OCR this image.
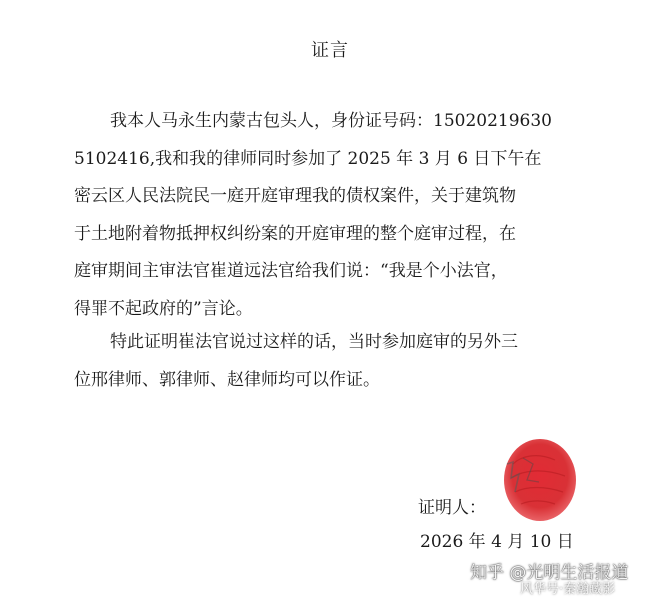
证言

我本人马永生内蒙古包头人，身份证号码：15020219630
5102416,我和我的律师同时参加了 2025 年 3 月 6 日下午在
密云区人民法院民一庭开庭审理我的债权案件，关于建筑物
于土地附着物抵押权纠纷案的开庭审理的整个庭审过程，在
庭审期间主审法官崔道远法官给我们说：“我是个小法官，
得罪不起政府的”言论。

特此证明崔法官说过这样的话，当时参加庭审的另外三
位邢律师、郭律师、赵律师均可以作证。

证明人：
2026 年 4 月 10 日
知乎 @光明生活报道
风华号·秦瀚藏影
